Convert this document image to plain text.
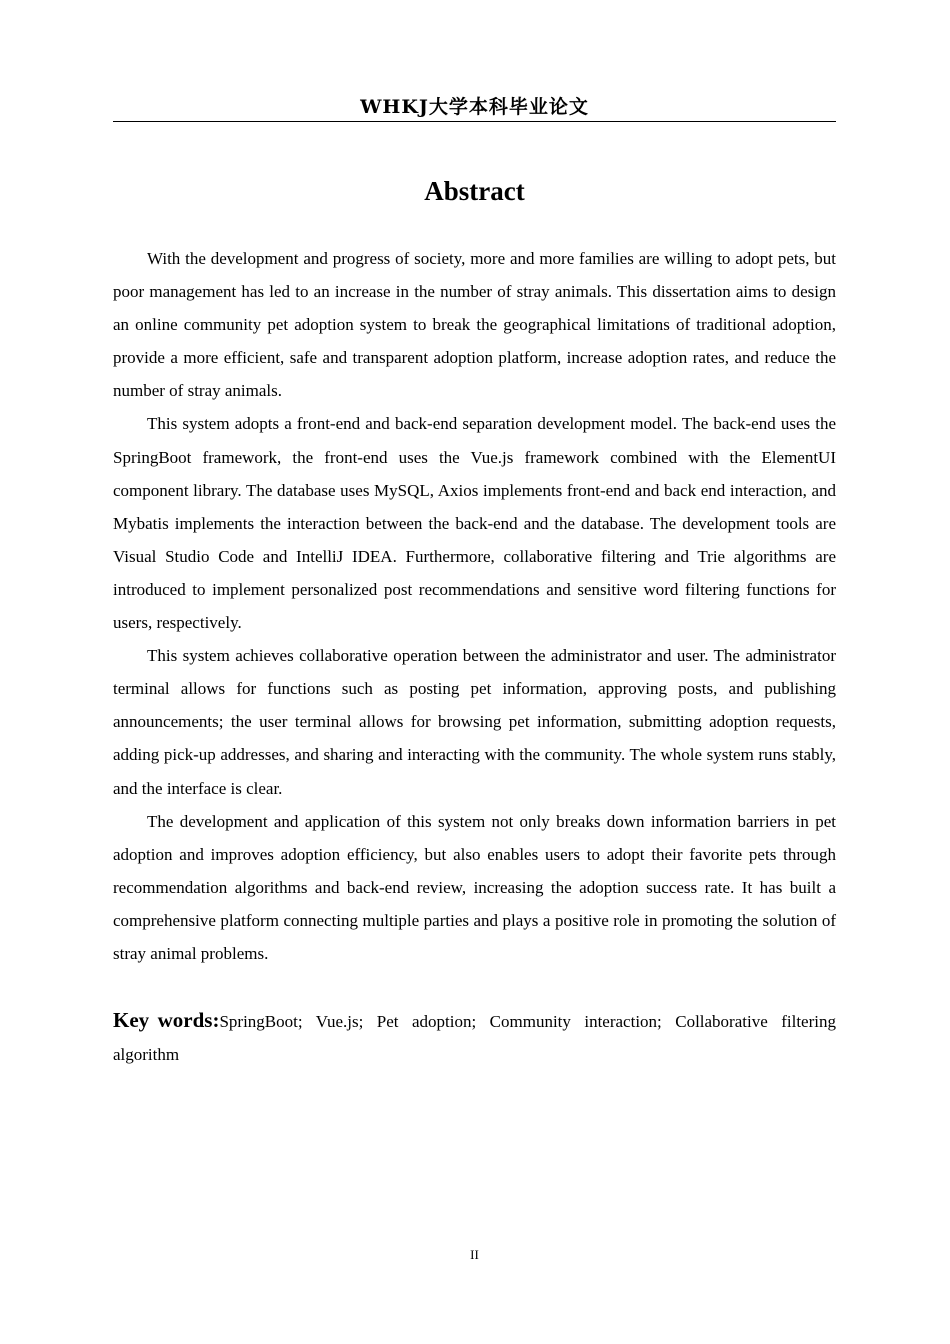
WHKJ大学本科毕业论文
Abstract

With the development and progress of society, more and more families are willing to adopt pets, but poor management has led to an increase in the number of stray animals. This dissertation aims to design an online community pet adoption system to break the geographical limitations of traditional adoption, provide a more efficient, safe and transparent adoption platform, increase adoption rates, and reduce the number of stray animals.

This system adopts a front-end and back-end separation development model. The back-end uses the SpringBoot framework, the front-end uses the Vue.js framework combined with the ElementUI component library. The database uses MySQL, Axios implements front-end and back end interaction, and Mybatis implements the interaction between the back-end and the database. The development tools are Visual Studio Code and IntelliJ IDEA. Furthermore, collaborative filtering and Trie algorithms are introduced to implement personalized post recommendations and sensitive word filtering functions for users, respectively.

This system achieves collaborative operation between the administrator and user. The administrator terminal allows for functions such as posting pet information, approving posts, and publishing announcements; the user terminal allows for browsing pet information, submitting adoption requests, adding pick-up addresses, and sharing and interacting with the community. The whole system runs stably, and the interface is clear.

The development and application of this system not only breaks down information barriers in pet adoption and improves adoption efficiency, but also enables users to adopt their favorite pets through recommendation algorithms and back-end review, increasing the adoption success rate. It has built a comprehensive platform connecting multiple parties and plays a positive role in promoting the solution of stray animal problems.

Key words:SpringBoot; Vue.js; Pet adoption; Community interaction; Collaborative filtering algorithm

II
